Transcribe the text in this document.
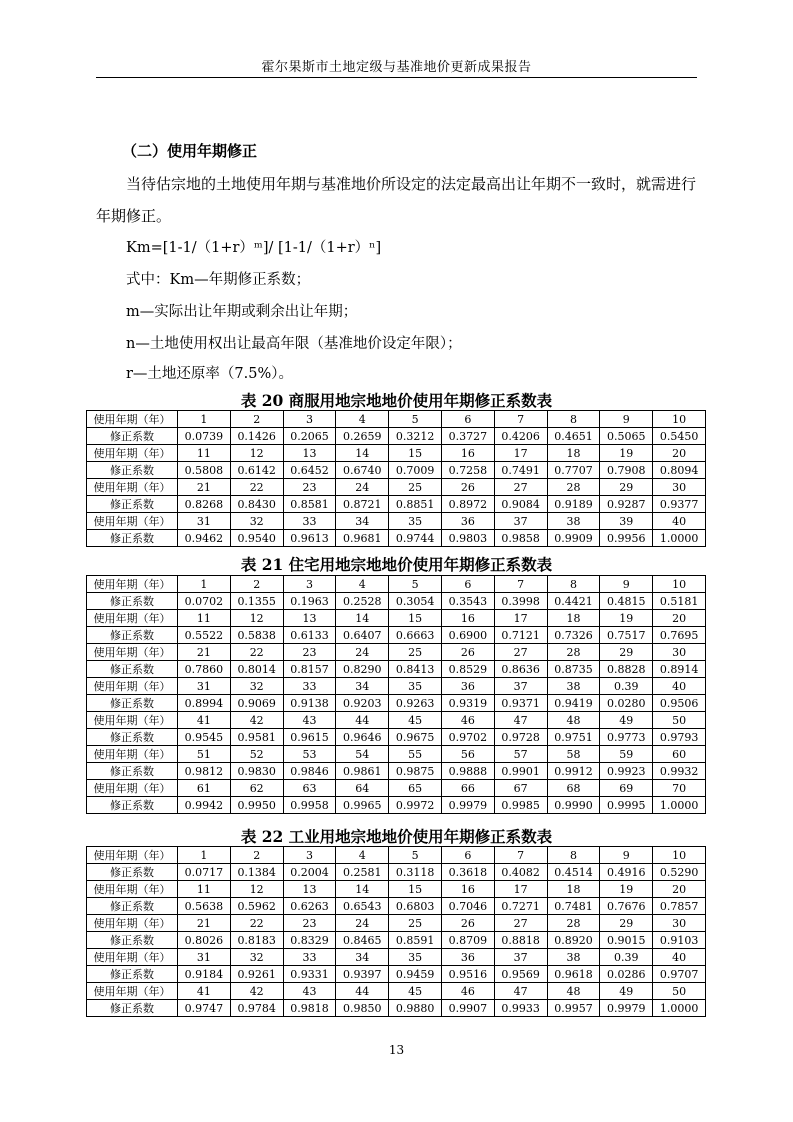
霍尔果斯市土地定级与基准地价更新成果报告
（二）使用年期修正
当待估宗地的土地使用年期与基准地价所设定的法定最高出让年期不一致时，就需进行年期修正。
Km=[1-1/（1+r）ᵐ]/ [1-1/（1+r）ⁿ]
式中：Km—年期修正系数；
m—实际出让年期或剩余出让年期；
n—土地使用权出让最高年限（基准地价设定年限）；
r—土地还原率（7.5%）。
表 20 商服用地宗地地价使用年期修正系数表
使用年期（年）	1	2	3	4	5	6	7	8	9	10
修正系数	0.0739	0.1426	0.2065	0.2659	0.3212	0.3727	0.4206	0.4651	0.5065	0.5450
使用年期（年）	11	12	13	14	15	16	17	18	19	20
修正系数	0.5808	0.6142	0.6452	0.6740	0.7009	0.7258	0.7491	0.7707	0.7908	0.8094
使用年期（年）	21	22	23	24	25	26	27	28	29	30
修正系数	0.8268	0.8430	0.8581	0.8721	0.8851	0.8972	0.9084	0.9189	0.9287	0.9377
使用年期（年）	31	32	33	34	35	36	37	38	39	40
修正系数	0.9462	0.9540	0.9613	0.9681	0.9744	0.9803	0.9858	0.9909	0.9956	1.0000
表 21 住宅用地宗地地价使用年期修正系数表
使用年期（年）	1	2	3	4	5	6	7	8	9	10
修正系数	0.0702	0.1355	0.1963	0.2528	0.3054	0.3543	0.3998	0.4421	0.4815	0.5181
使用年期（年）	11	12	13	14	15	16	17	18	19	20
修正系数	0.5522	0.5838	0.6133	0.6407	0.6663	0.6900	0.7121	0.7326	0.7517	0.7695
使用年期（年）	21	22	23	24	25	26	27	28	29	30
修正系数	0.7860	0.8014	0.8157	0.8290	0.8413	0.8529	0.8636	0.8735	0.8828	0.8914
使用年期（年）	31	32	33	34	35	36	37	38	0.39	40
修正系数	0.8994	0.9069	0.9138	0.9203	0.9263	0.9319	0.9371	0.9419	0.0280	0.9506
使用年期（年）	41	42	43	44	45	46	47	48	49	50
修正系数	0.9545	0.9581	0.9615	0.9646	0.9675	0.9702	0.9728	0.9751	0.9773	0.9793
使用年期（年）	51	52	53	54	55	56	57	58	59	60
修正系数	0.9812	0.9830	0.9846	0.9861	0.9875	0.9888	0.9901	0.9912	0.9923	0.9932
使用年期（年）	61	62	63	64	65	66	67	68	69	70
修正系数	0.9942	0.9950	0.9958	0.9965	0.9972	0.9979	0.9985	0.9990	0.9995	1.0000
表 22 工业用地宗地地价使用年期修正系数表
使用年期（年）	1	2	3	4	5	6	7	8	9	10
修正系数	0.0717	0.1384	0.2004	0.2581	0.3118	0.3618	0.4082	0.4514	0.4916	0.5290
使用年期（年）	11	12	13	14	15	16	17	18	19	20
修正系数	0.5638	0.5962	0.6263	0.6543	0.6803	0.7046	0.7271	0.7481	0.7676	0.7857
使用年期（年）	21	22	23	24	25	26	27	28	29	30
修正系数	0.8026	0.8183	0.8329	0.8465	0.8591	0.8709	0.8818	0.8920	0.9015	0.9103
使用年期（年）	31	32	33	34	35	36	37	38	0.39	40
修正系数	0.9184	0.9261	0.9331	0.9397	0.9459	0.9516	0.9569	0.9618	0.0286	0.9707
使用年期（年）	41	42	43	44	45	46	47	48	49	50
修正系数	0.9747	0.9784	0.9818	0.9850	0.9880	0.9907	0.9933	0.9957	0.9979	1.0000
13
